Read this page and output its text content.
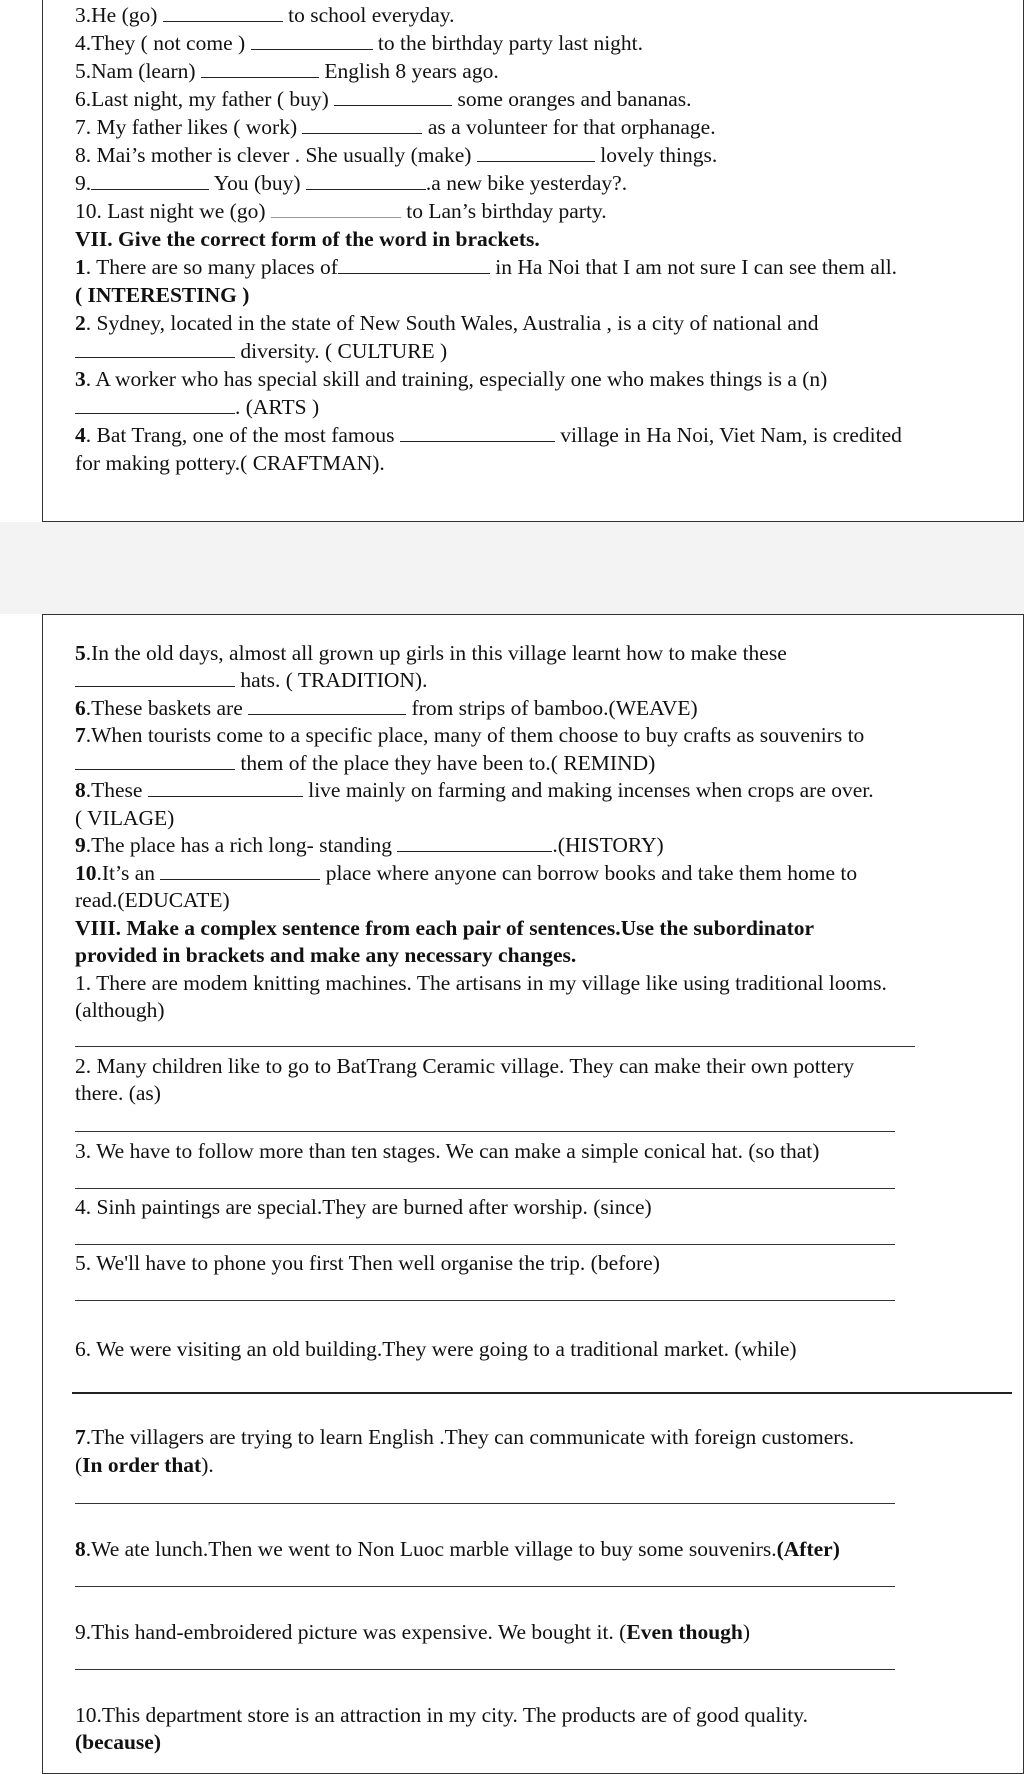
3.He (go)	to school everyday.

4.They ( not come )	to the birthday party last night.

5.Nam (learn)	English 8 years ago.

6.Last night, my father ( buy)	some oranges and bananas.

7. My father likes ( work)	as a volunteer for that orphanage.

8. Mai’s mother is clever . She usually (make)	lovely things.

9.	You (buy)	.a new bike yesterday?.

10. Last night we (go)	to Lan’s birthday party.

VII. Give the correct form of the word in brackets.

1. There are so many places of	in Ha Noi that I am not sure I can see them all.

( INTERESTING )

2. Sydney, located in the state of New South Wales, Australia , is a city of national and

diversity. ( CULTURE )

3. A worker who has special skill and training, especially one who makes things is a (n)

. (ARTS )

4. Bat Trang, one of the most famous	village in Ha Noi, Viet Nam, is credited

for making pottery.( CRAFTMAN).

5.In the old days, almost all grown up girls in this village learnt how to make these

hats. ( TRADITION).

6.These baskets are	from strips of bamboo.(WEAVE)

7.When tourists come to a specific place, many of them choose to buy crafts as souvenirs to

them of the place they have been to.( REMIND)

8.These	live mainly on farming and making incenses when crops are over.

( VILAGE)

9.The place has a rich long- standing	.(HISTORY)

10.It’s an	place where anyone can borrow books and take them home to

read.(EDUCATE)

VIII. Make a complex sentence from each pair of sentences.Use the subordinator

provided in brackets and make any necessary changes.

1. There are modem knitting machines. The artisans in my village like using traditional looms.

(although)

2. Many children like to go to BatTrang Ceramic village. They can make their own pottery

there. (as)

3. We have to follow more than ten stages. We can make a simple conical hat. (so that)

4. Sinh paintings are special.They are burned after worship. (since)

5. We'll have to phone you first Then well organise the trip. (before)

6. We were visiting an old building.They were going to a traditional market. (while)

7.The villagers are trying to learn English .They can communicate with foreign customers.

(In order that).

8.We ate lunch.Then we went to Non Luoc marble village to buy some souvenirs.(After)

9.This hand-embroidered picture was expensive. We bought it. (Even though)

10.This department store is an attraction in my city. The products are of good quality.

(because)
